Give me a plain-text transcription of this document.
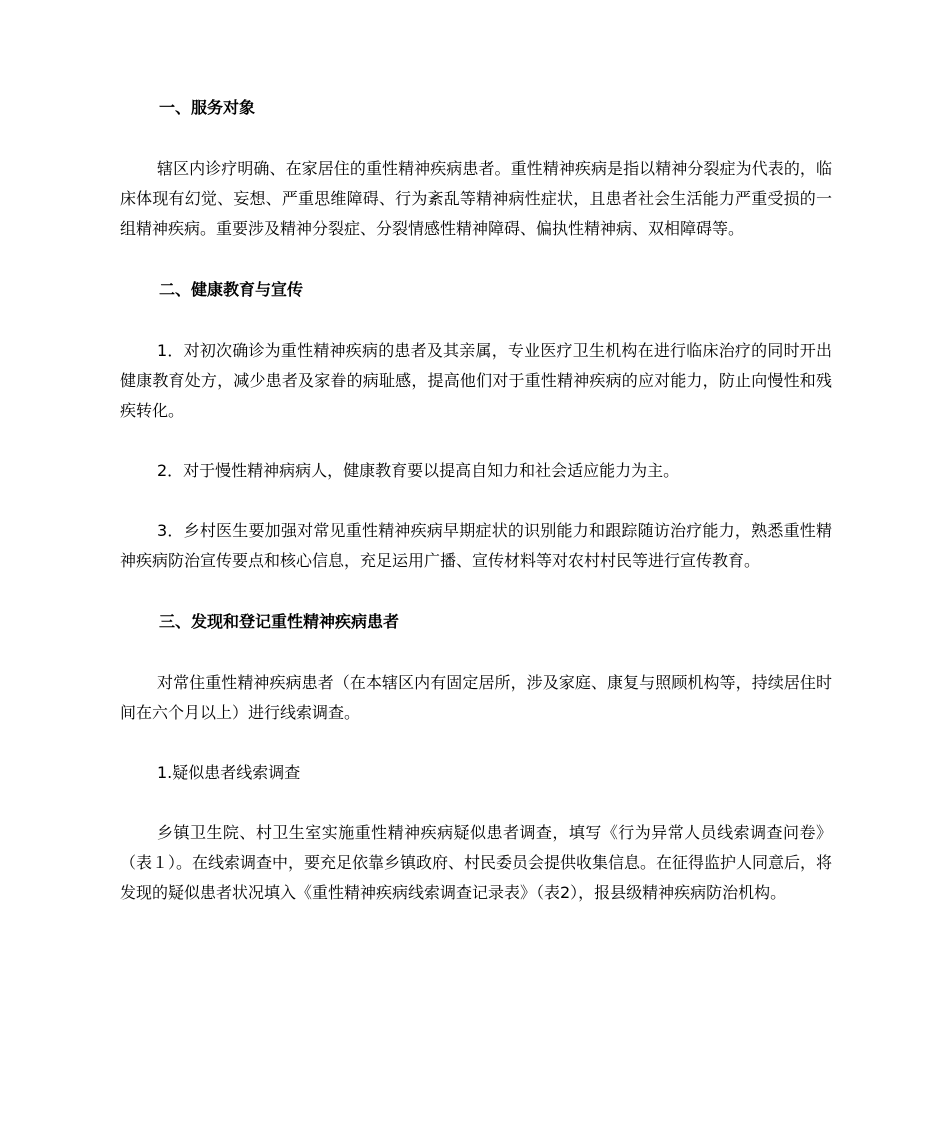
一、服务对象

辖区内诊疗明确、在家居住的重性精神疾病患者。重性精神疾病是指以精神分裂症为代表的，临床体现有幻觉、妄想、严重思维障碍、行为紊乱等精神病性症状，且患者社会生活能力严重受损的一组精神疾病。重要涉及精神分裂症、分裂情感性精神障碍、偏执性精神病、双相障碍等。

二、健康教育与宣传

1．对初次确诊为重性精神疾病的患者及其亲属，专业医疗卫生机构在进行临床治疗的同时开出健康教育处方，减少患者及家眷的病耻感，提高他们对于重性精神疾病的应对能力，防止向慢性和残疾转化。

2．对于慢性精神病病人，健康教育要以提高自知力和社会适应能力为主。

3．乡村医生要加强对常见重性精神疾病早期症状的识别能力和跟踪随访治疗能力，熟悉重性精神疾病防治宣传要点和核心信息，充足运用广播、宣传材料等对农村村民等进行宣传教育。

三、发现和登记重性精神疾病患者

对常住重性精神疾病患者（在本辖区内有固定居所，涉及家庭、康复与照顾机构等，持续居住时间在六个月以上）进行线索调查。

1.疑似患者线索调查

乡镇卫生院、村卫生室实施重性精神疾病疑似患者调查，填写《行为异常人员线索调查问卷》（表１）。在线索调查中，要充足依靠乡镇政府、村民委员会提供收集信息。在征得监护人同意后，将发现的疑似患者状况填入《重性精神疾病线索调查记录表》（表2），报县级精神疾病防治机构。
